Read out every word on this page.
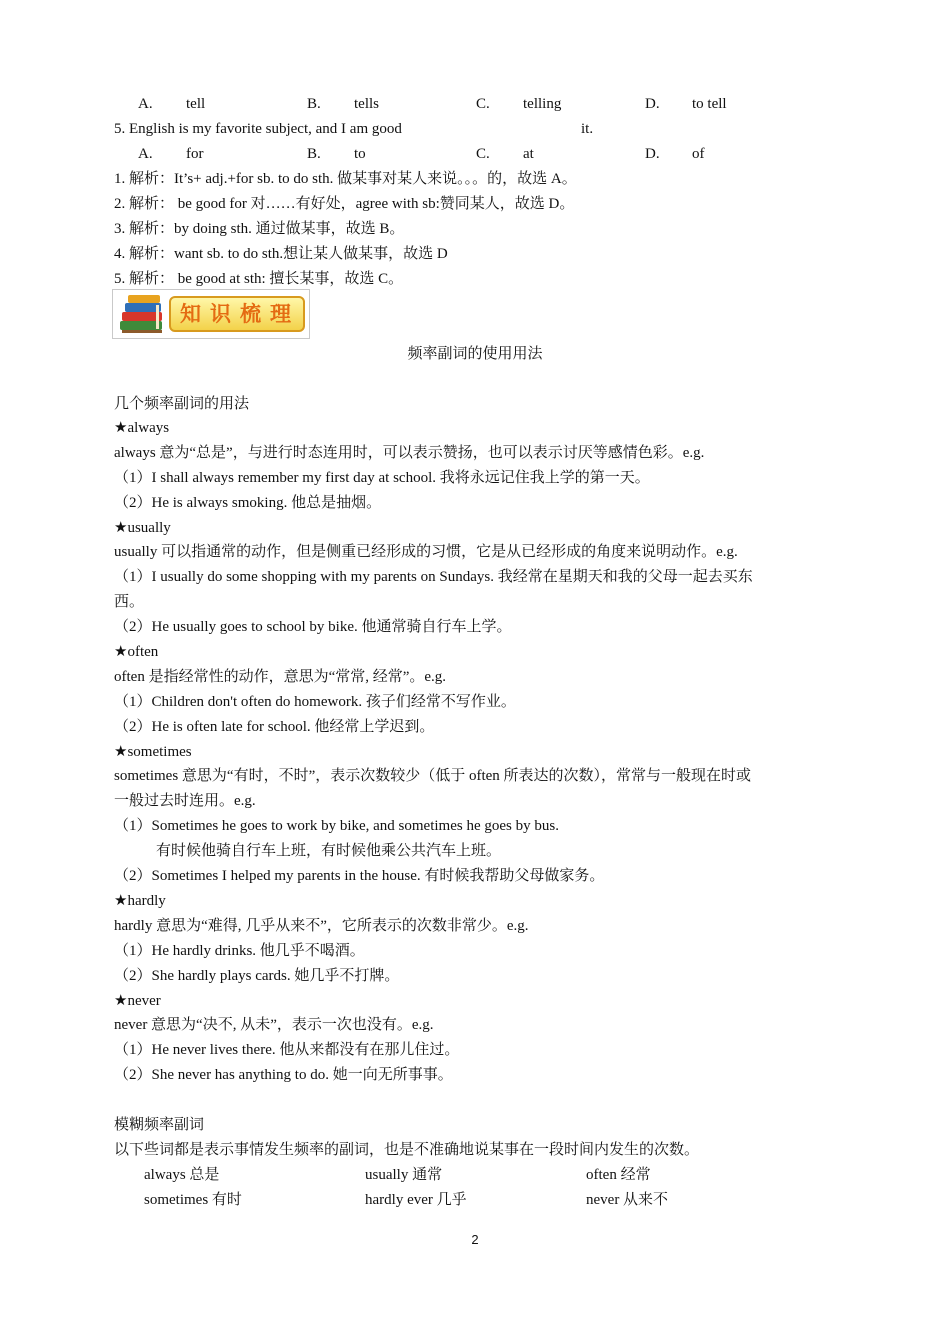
A. tell	B. tells	C. telling	D. to tell
5. English is my favorite subject, and I am good	it.
A. for	B. to	C. at	D. of
1. 解析：It’s+ adj.+for sb. to do sth. 做某事对某人来说。。。的，故选 A。
2. 解析： be good for 对……有好处，agree with sb:赞同某人，故选 D。
3. 解析：by doing sth. 通过做某事，故选 B。
4. 解析：want sb. to do sth.想让某人做某事，故选 D
5. 解析： be good at sth: 擅长某事，故选 C。
知识梳理
频率副词的使用用法
几个频率副词的用法
★always
always 意为“总是”，与进行时态连用时，可以表示赞扬，也可以表示讨厌等感情色彩。e.g.
（1）I shall always remember my first day at school. 我将永远记住我上学的第一天。
（2）He is always smoking. 他总是抽烟。
★usually
usually 可以指通常的动作，但是侧重已经形成的习惯，它是从已经形成的角度来说明动作。e.g.
（1）I usually do some shopping with my parents on Sundays. 我经常在星期天和我的父母一起去买东
西。
（2）He usually goes to school by bike. 他通常骑自行车上学。
★often
often 是指经常性的动作，意思为“常常, 经常”。e.g.
（1）Children don't often do homework. 孩子们经常不写作业。
（2）He is often late for school. 他经常上学迟到。
★sometimes
sometimes 意思为“有时，不时”，表示次数较少（低于 often 所表达的次数），常常与一般现在时或
一般过去时连用。e.g.
（1）Sometimes he goes to work by bike, and sometimes he goes by bus.
有时候他骑自行车上班，有时候他乘公共汽车上班。
（2）Sometimes I helped my parents in the house. 有时候我帮助父母做家务。
★hardly
hardly 意思为“难得, 几乎从来不”，它所表示的次数非常少。e.g.
（1）He hardly drinks. 他几乎不喝酒。
（2）She hardly plays cards. 她几乎不打牌。
★never
never 意思为“决不, 从未”，表示一次也没有。e.g.
（1）He never lives there. 他从来都没有在那儿住过。
（2）She never has anything to do. 她一向无所事事。
模糊频率副词
以下些词都是表示事情发生频率的副词，也是不准确地说某事在一段时间内发生的次数。
always 总是	usually 通常	often 经常
sometimes 有时	hardly ever 几乎	never 从来不
2
